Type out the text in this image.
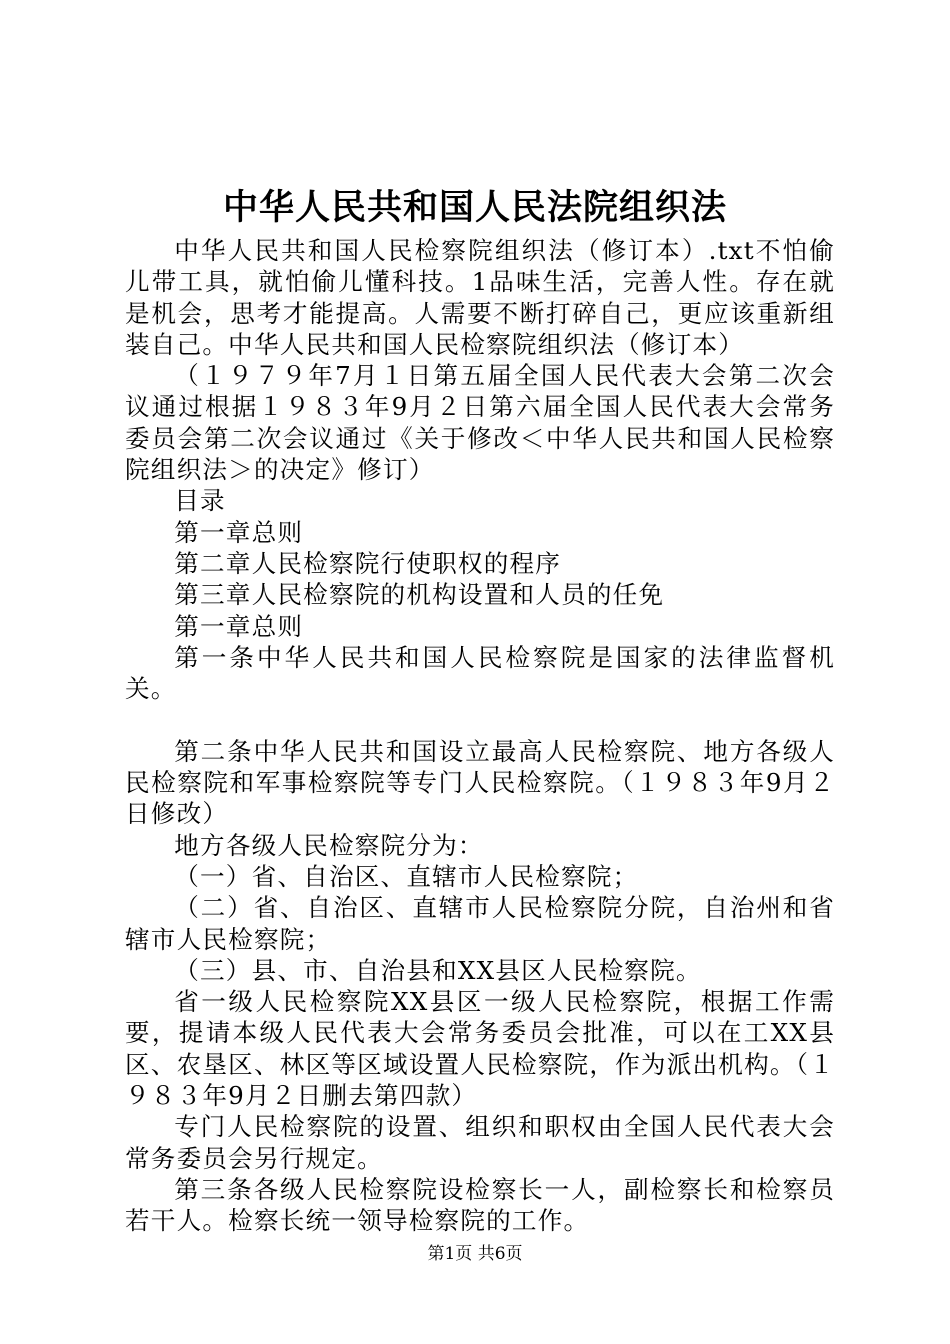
中华人民共和国人民法院组织法

中华人民共和国人民检察院组织法（修订本）.txt不怕偷儿带工具，就怕偷儿懂科技。1品味生活，完善人性。存在就是机会，思考才能提高。人需要不断打碎自己，更应该重新组装自己。中华人民共和国人民检察院组织法（修订本）

（１９７９年7月１日第五届全国人民代表大会第二次会议通过根据１９８３年9月２日第六届全国人民代表大会常务委员会第二次会议通过《关于修改＜中华人民共和国人民检察院组织法＞的决定》修订）

目录

第一章总则

第二章人民检察院行使职权的程序

第三章人民检察院的机构设置和人员的任免

第一章总则

第一条中华人民共和国人民检察院是国家的法律监督机关。

第二条中华人民共和国设立最高人民检察院、地方各级人民检察院和军事检察院等专门人民检察院。（１９８３年9月２日修改）

地方各级人民检察院分为：

（一）省、自治区、直辖市人民检察院；

（二）省、自治区、直辖市人民检察院分院，自治州和省辖市人民检察院；

（三）县、市、自治县和XX县区人民检察院。

省一级人民检察院XX县区一级人民检察院，根据工作需要，提请本级人民代表大会常务委员会批准，可以在工XX县区、农垦区、林区等区域设置人民检察院，作为派出机构。（１９８３年9月２日删去第四款）

专门人民检察院的设置、组织和职权由全国人民代表大会常务委员会另行规定。

第三条各级人民检察院设检察长一人，副检察长和检察员若干人。检察长统一领导检察院的工作。

第1页 共6页
